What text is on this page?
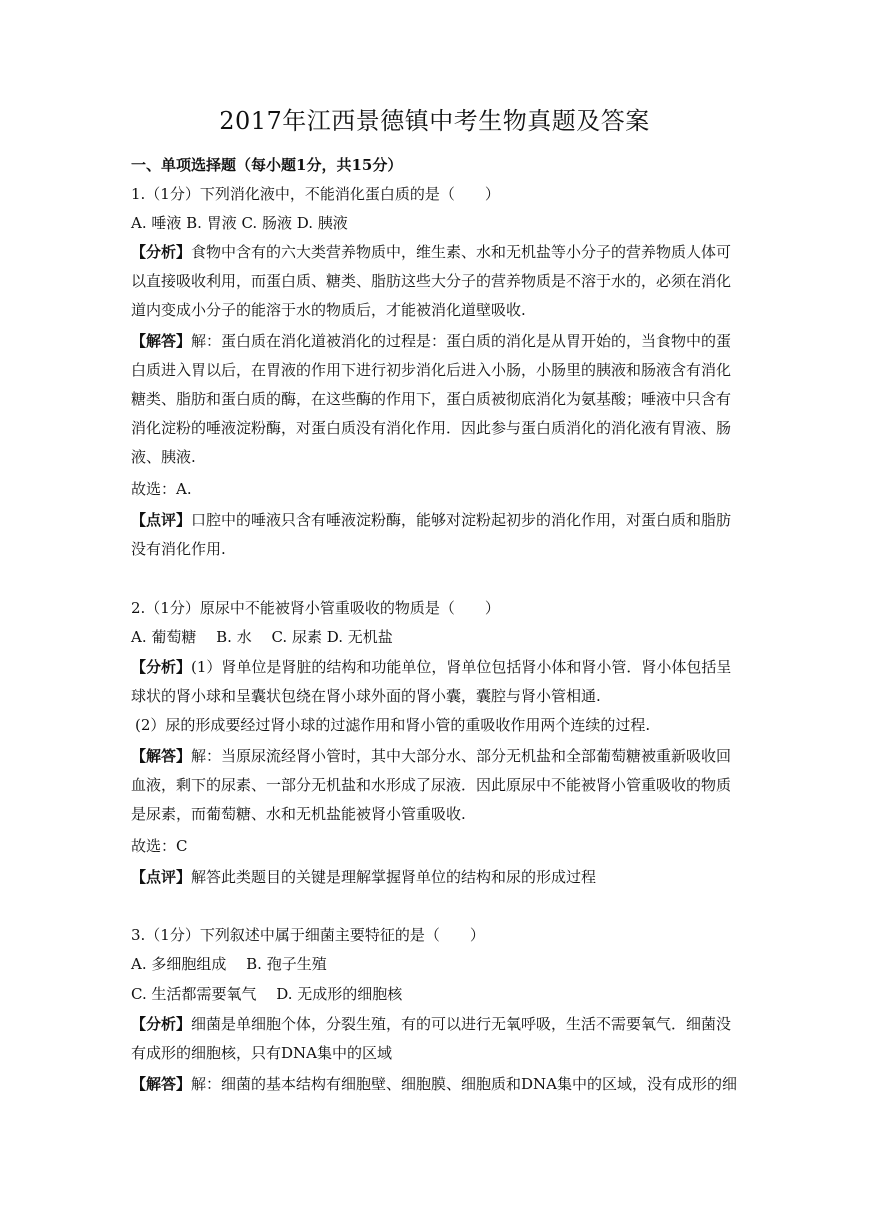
2017年江西景德镇中考生物真题及答案

一、单项选择题（每小题1分，共15分）

1.（1分）下列消化液中，不能消化蛋白质的是（　　）

A. 唾液 B. 胃液 C. 肠液 D. 胰液

【分析】食物中含有的六大类营养物质中，维生素、水和无机盐等小分子的营养物质人体可

以直接吸收利用，而蛋白质、糖类、脂肪这些大分子的营养物质是不溶于水的，必须在消化

道内变成小分子的能溶于水的物质后，才能被消化道壁吸收.

【解答】解：蛋白质在消化道被消化的过程是：蛋白质的消化是从胃开始的，当食物中的蛋

白质进入胃以后，在胃液的作用下进行初步消化后进入小肠，小肠里的胰液和肠液含有消化

糖类、脂肪和蛋白质的酶，在这些酶的作用下，蛋白质被彻底消化为氨基酸；唾液中只含有

消化淀粉的唾液淀粉酶，对蛋白质没有消化作用．因此参与蛋白质消化的消化液有胃液、肠

液、胰液.

故选：A.

【点评】口腔中的唾液只含有唾液淀粉酶，能够对淀粉起初步的消化作用，对蛋白质和脂肪

没有消化作用.

2.（1分）原尿中不能被肾小管重吸收的物质是（　　）

A. 葡萄糖　 B. 水　 C. 尿素 D. 无机盐

【分析】(1）肾单位是肾脏的结构和功能单位，肾单位包括肾小体和肾小管．肾小体包括呈

球状的肾小球和呈囊状包绕在肾小球外面的肾小囊，囊腔与肾小管相通.

(2）尿的形成要经过肾小球的过滤作用和肾小管的重吸收作用两个连续的过程.

【解答】解：当原尿流经肾小管时，其中大部分水、部分无机盐和全部葡萄糖被重新吸收回

血液，剩下的尿素、一部分无机盐和水形成了尿液．因此原尿中不能被肾小管重吸收的物质

是尿素，而葡萄糖、水和无机盐能被肾小管重吸收.

故选：C

【点评】解答此类题目的关键是理解掌握肾单位的结构和尿的形成过程

3.（1分）下列叙述中属于细菌主要特征的是（　　）

A. 多细胞组成　 B. 孢子生殖

C. 生活都需要氧气　 D. 无成形的细胞核

【分析】细菌是单细胞个体，分裂生殖，有的可以进行无氧呼吸，生活不需要氧气．细菌没

有成形的细胞核，只有DNA集中的区域

【解答】解：细菌的基本结构有细胞壁、细胞膜、细胞质和DNA集中的区域，没有成形的细
